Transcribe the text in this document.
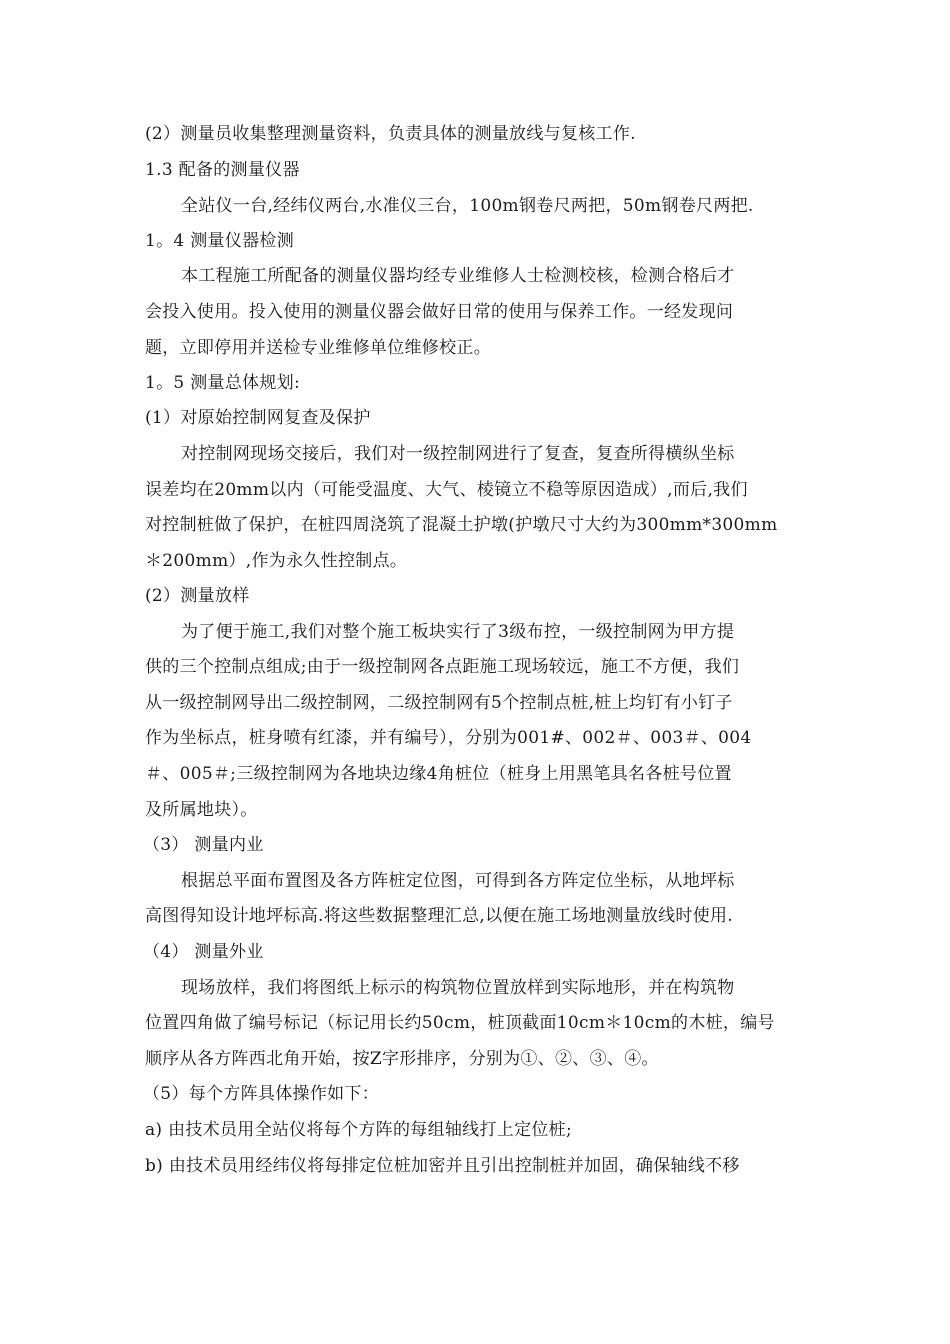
(2）测量员收集整理测量资料，负责具体的测量放线与复核工作.
1.3 配备的测量仪器
全站仪一台,经纬仪两台,水准仪三台，100m钢卷尺两把，50m钢卷尺两把.
1。4 测量仪器检测
本工程施工所配备的测量仪器均经专业维修人士检测校核，检测合格后才
会投入使用。投入使用的测量仪器会做好日常的使用与保养工作。一经发现问
题，立即停用并送检专业维修单位维修校正。
1。5 测量总体规划:
(1）对原始控制网复查及保护
对控制网现场交接后，我们对一级控制网进行了复查，复查所得横纵坐标
误差均在20mm以内（可能受温度、大气、棱镜立不稳等原因造成）,而后,我们
对控制桩做了保护，在桩四周浇筑了混凝土护墩(护墩尺寸大约为300mm*300mm
＊200mm）,作为永久性控制点。
(2）测量放样
为了便于施工,我们对整个施工板块实行了3级布控，一级控制网为甲方提
供的三个控制点组成;由于一级控制网各点距施工现场较远，施工不方便，我们
从一级控制网导出二级控制网，二级控制网有5个控制点桩,桩上均钉有小钉子
作为坐标点，桩身喷有红漆，并有编号），分别为001#、002＃、003＃、004
＃、005＃;三级控制网为各地块边缘4角桩位（桩身上用黑笔具名各桩号位置
及所属地块）。
（3） 测量内业
根据总平面布置图及各方阵桩定位图，可得到各方阵定位坐标，从地坪标
高图得知设计地坪标高.将这些数据整理汇总,以便在施工场地测量放线时使用.
（4） 测量外业
现场放样，我们将图纸上标示的构筑物位置放样到实际地形，并在构筑物
位置四角做了编号标记（标记用长约50cm，桩顶截面10cm＊10cm的木桩，编号
顺序从各方阵西北角开始，按Z字形排序，分别为①、②、③、④。
（5）每个方阵具体操作如下：
a) 由技术员用全站仪将每个方阵的每组轴线打上定位桩;
b) 由技术员用经纬仪将每排定位桩加密并且引出控制桩并加固，确保轴线不移
